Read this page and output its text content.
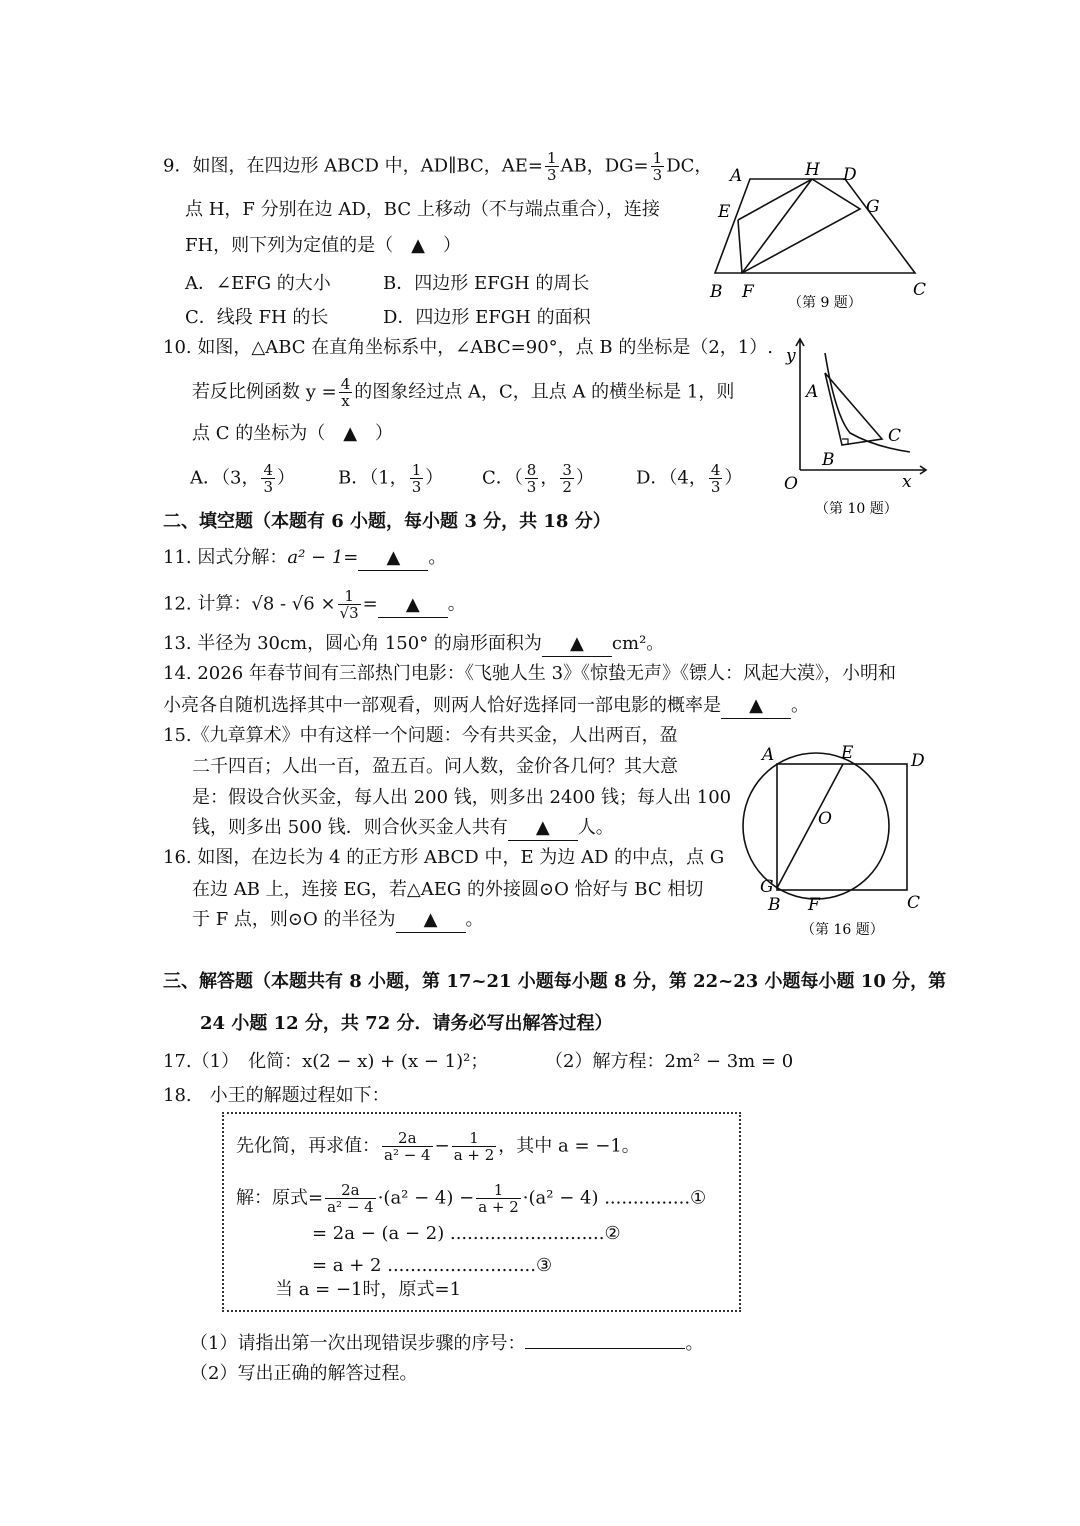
9．如图，在四边形 ABCD 中，AD∥BC，$AE= \frac{1}{3}$ AB，$DG= \frac{1}{3}$ DC，
点 H，F 分别在边 AD，BC 上移动（不与端点重合），连接
FH，则下列为定值的是（　▲　）
A．∠EFG 的大小	B．四边形 EFGH 的周长
C．线段 FH 的长	D．四边形 EFGH 的面积
A	H D
E	G
B F	C
（第 9 题）
10. 如图，△ABC 在直角坐标系中，∠ABC=90°，点 B 的坐标是（2，1）.
若反比例函数 $y = \frac{4}{x}$ 的图象经过点 A，C，且点 A 的横坐标是 1，则
点 C 的坐标为（　▲　）
A．（3， $\frac{4}{3}$ ） B．（1， $\frac{1}{3}$ ） C．（ $\frac{8}{3}$ ， $\frac{3}{2}$ ） D．（4， $\frac{4}{3}$ ）
y
x
O
A
B
C
（第 10 题）
二、填空题（本题有 6 小题，每小题 3 分，共 18 分）
11. 因式分解：a² − 1= ▲ 。
12. 计算：$√8 - √6 \times \frac{1}{√3}$ = ▲ 。
13. 半径为 30cm，圆心角 150° 的扇形面积为 ▲ cm²。
14. 2026 年春节间有三部热门电影：《飞驰人生 3》《惊蛰无声》《镖人：风起大漠》，小明和
小亮各自随机选择其中一部观看，则两人恰好选择同一部电影的概率是 ▲ 。
15.《九章算术》中有这样一个问题：今有共买金，人出两百，盈
二千四百；人出一百，盈五百。问人数，金价各几何？其大意
是：假设合伙买金，每人出 200 钱，则多出 2400 钱；每人出 100
钱，则多出 500 钱．则合伙买金人共有 ▲ 人。
16. 如图，在边长为 4 的正方形 ABCD 中，E 为边 AD 的中点，点 G
在边 AB 上，连接 EG，若△AEG 的外接圆⊙O 恰好与 BC 相切
于 F 点，则⊙O 的半径为 ▲ 。
A	E	D
O
G
B F	C
（第 16 题）
三、解答题（本题共有 8 小题，第 17~21 小题每小题 8 分，第 22~23 小题每小题 10 分，第
24 小题 12 分，共 72 分．请务必写出解答过程）
17.（1）　化简：x(2 − x) + (x − 1)²；	（2）解方程：2m² − 3m = 0
18.　小王的解题过程如下：
先化简，再求值： $\frac{2a}{\text{a² − 4}} - \frac{1}{a + 2}$ ，其中 a = −1。
解：原式= $\frac{2a}{\text{a² − 4}} \cdot(a^2 - 4) - \frac{1}{a + 2} \cdot(a^2 - 4)$ ...............①
= 2a − (a − 2) ...........................②
= a + 2 ..........................③
当 a = −1时，原式=1
（1）请指出第一次出现错误步骤的序号：	。
（2）写出正确的解答过程。
